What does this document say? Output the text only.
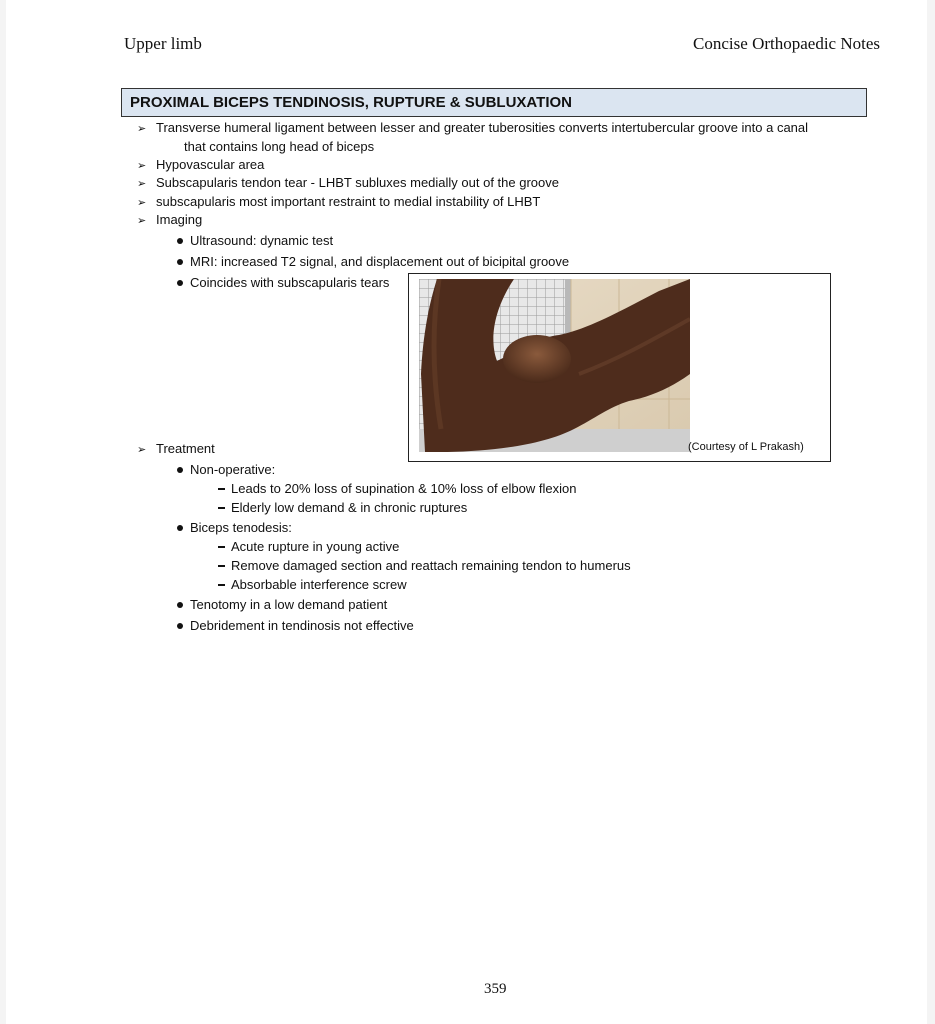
Upper limb	Concise Orthopaedic Notes
PROXIMAL BICEPS TENDINOSIS, RUPTURE & SUBLUXATION
➢ Transverse humeral ligament between lesser and greater tuberosities converts intertubercular groove into a canal
that contains long head of biceps
➢ Hypovascular area
➢ Subscapularis tendon tear - LHBT subluxes medially out of the groove
➢ subscapularis most important restraint to medial instability of LHBT
➢ Imaging
Ultrasound: dynamic test
MRI: increased T2 signal, and displacement out of bicipital groove
Coincides with subscapularis tears
(Courtesy of L Prakash)
➢ Treatment
Non-operative:
Leads to 20% loss of supination & 10% loss of elbow flexion
Elderly low demand & in chronic ruptures
Biceps tenodesis:
Acute rupture in young active
Remove damaged section and reattach remaining tendon to humerus
Absorbable interference screw
Tenotomy in a low demand patient
Debridement in tendinosis not effective
359
